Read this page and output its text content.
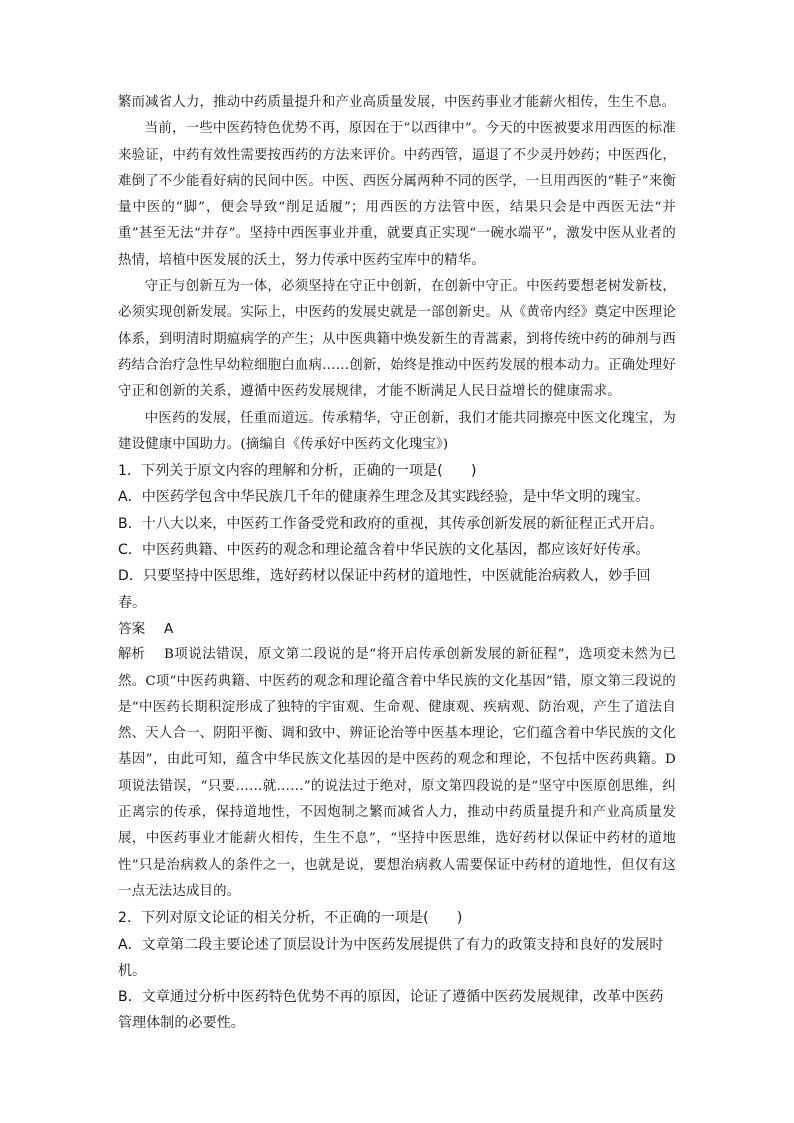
繁而减省人力，推动中药质量提升和产业高质量发展，中医药事业才能薪火相传，生生不息。

当前，一些中医药特色优势不再，原因在于“以西律中”。今天的中医被要求用西医的标准来验证，中药有效性需要按西药的方法来评价。中药西管，逼退了不少灵丹妙药；中医西化，难倒了不少能看好病的民间中医。中医、西医分属两种不同的医学，一旦用西医的“鞋子”来衡量中医的“脚”，便会导致“削足适履”；用西医的方法管中医，结果只会是中西医无法“并重”甚至无法“并存”。坚持中西医事业并重，就要真正实现“一碗水端平”，激发中医从业者的热情，培植中医发展的沃土，努力传承中医药宝库中的精华。

守正与创新互为一体，必须坚持在守正中创新，在创新中守正。中医药要想老树发新枝，必须实现创新发展。实际上，中医药的发展史就是一部创新史。从《黄帝内经》奠定中医理论体系，到明清时期瘟病学的产生；从中医典籍中焕发新生的青蒿素，到将传统中药的砷剂与西药结合治疗急性早幼粒细胞白血病……创新，始终是推动中医药发展的根本动力。正确处理好守正和创新的关系，遵循中医药发展规律，才能不断满足人民日益增长的健康需求。

中医药的发展，任重而道远。传承精华，守正创新，我们才能共同擦亮中医文化瑰宝，为建设健康中国助力。(摘编自《传承好中医药文化瑰宝》)

1．下列关于原文内容的理解和分析，正确的一项是(　　)

A．中医药学包含中华民族几千年的健康养生理念及其实践经验，是中华文明的瑰宝。

B．十八大以来，中医药工作备受党和政府的重视，其传承创新发展的新征程正式开启。

C．中医药典籍、中医药的观念和理论蕴含着中华民族的文化基因，都应该好好传承。

D．只要坚持中医思维，选好药材以保证中药材的道地性，中医就能治病救人，妙手回春。

答案 A

解析 B项说法错误，原文第二段说的是“将开启传承创新发展的新征程”，选项変未然为已然。C项“中医药典籍、中医药的观念和理论蕴含着中华民族的文化基因”错，原文第三段说的是“中医药长期积淀形成了独特的宇宙观、生命观、健康观、疾病观、防治观，产生了道法自然、天人合一、阴阳平衡、调和致中、辨证论治等中医基本理论，它们蕴含着中华民族的文化基因”，由此可知，蕴含中华民族文化基因的是中医药的观念和理论，不包括中医药典籍。D项说法错误，“只要……就……”的说法过于绝对，原文第四段说的是“坚守中医原创思维，纠正离宗的传承，保持道地性，不因炮制之繁而减省人力，推动中药质量提升和产业高质量发展，中医药事业才能薪火相传，生生不息”，“坚持中医思维，选好药材以保证中药材的道地性”只是治病救人的条件之一，也就是说，要想治病救人需要保证中药材的道地性，但仅有这一点无法达成目的。

2．下列对原文论证的相关分析，不正确的一项是(　　)

A．文章第二段主要论述了顶层设计为中医药发展提供了有力的政策支持和良好的发展时机。

B．文章通过分析中医药特色优势不再的原因，论证了遵循中医药发展规律，改革中医药管理体制的必要性。
